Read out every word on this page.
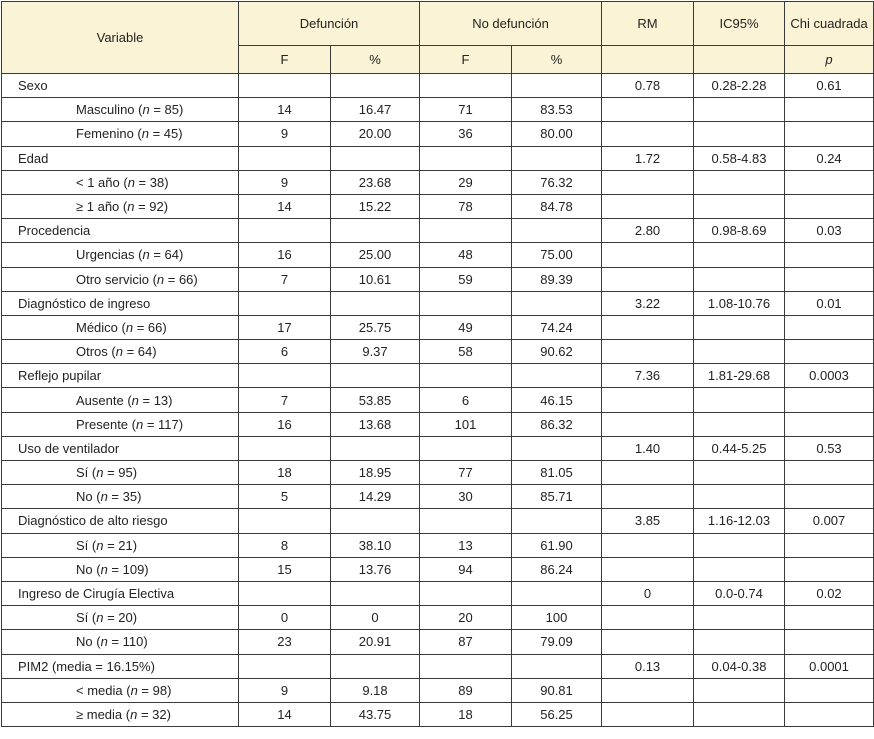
Variable	Defunción		No defunción		RM	IC95%	Chi cuadrada
	F	%	F	%			p
Sexo					0.78	0.28-2.28	0.61
Masculino (n = 85)	14	16.47	71	83.53			
Femenino (n = 45)	9	20.00	36	80.00			
Edad					1.72	0.58-4.83	0.24
< 1 año (n = 38)	9	23.68	29	76.32			
≥ 1 año (n = 92)	14	15.22	78	84.78			
Procedencia					2.80	0.98-8.69	0.03
Urgencias (n = 64)	16	25.00	48	75.00			
Otro servicio (n = 66)	7	10.61	59	89.39			
Diagnóstico de ingreso					3.22	1.08-10.76	0.01
Médico (n = 66)	17	25.75	49	74.24			
Otros (n = 64)	6	9.37	58	90.62			
Reflejo pupilar					7.36	1.81-29.68	0.0003
Ausente (n = 13)	7	53.85	6	46.15			
Presente (n = 117)	16	13.68	101	86.32			
Uso de ventilador					1.40	0.44-5.25	0.53
Sí (n = 95)	18	18.95	77	81.05			
No (n = 35)	5	14.29	30	85.71			
Diagnóstico de alto riesgo					3.85	1.16-12.03	0.007
Sí (n = 21)	8	38.10	13	61.90			
No (n = 109)	15	13.76	94	86.24			
Ingreso de Cirugía Electiva					0	0.0-0.74	0.02
Sí (n = 20)	0	0	20	100			
No (n = 110)	23	20.91	87	79.09			
PIM2 (media = 16.15%)					0.13	0.04-0.38	0.0001
< media (n = 98)	9	9.18	89	90.81			
≥ media (n = 32)	14	43.75	18	56.25			
